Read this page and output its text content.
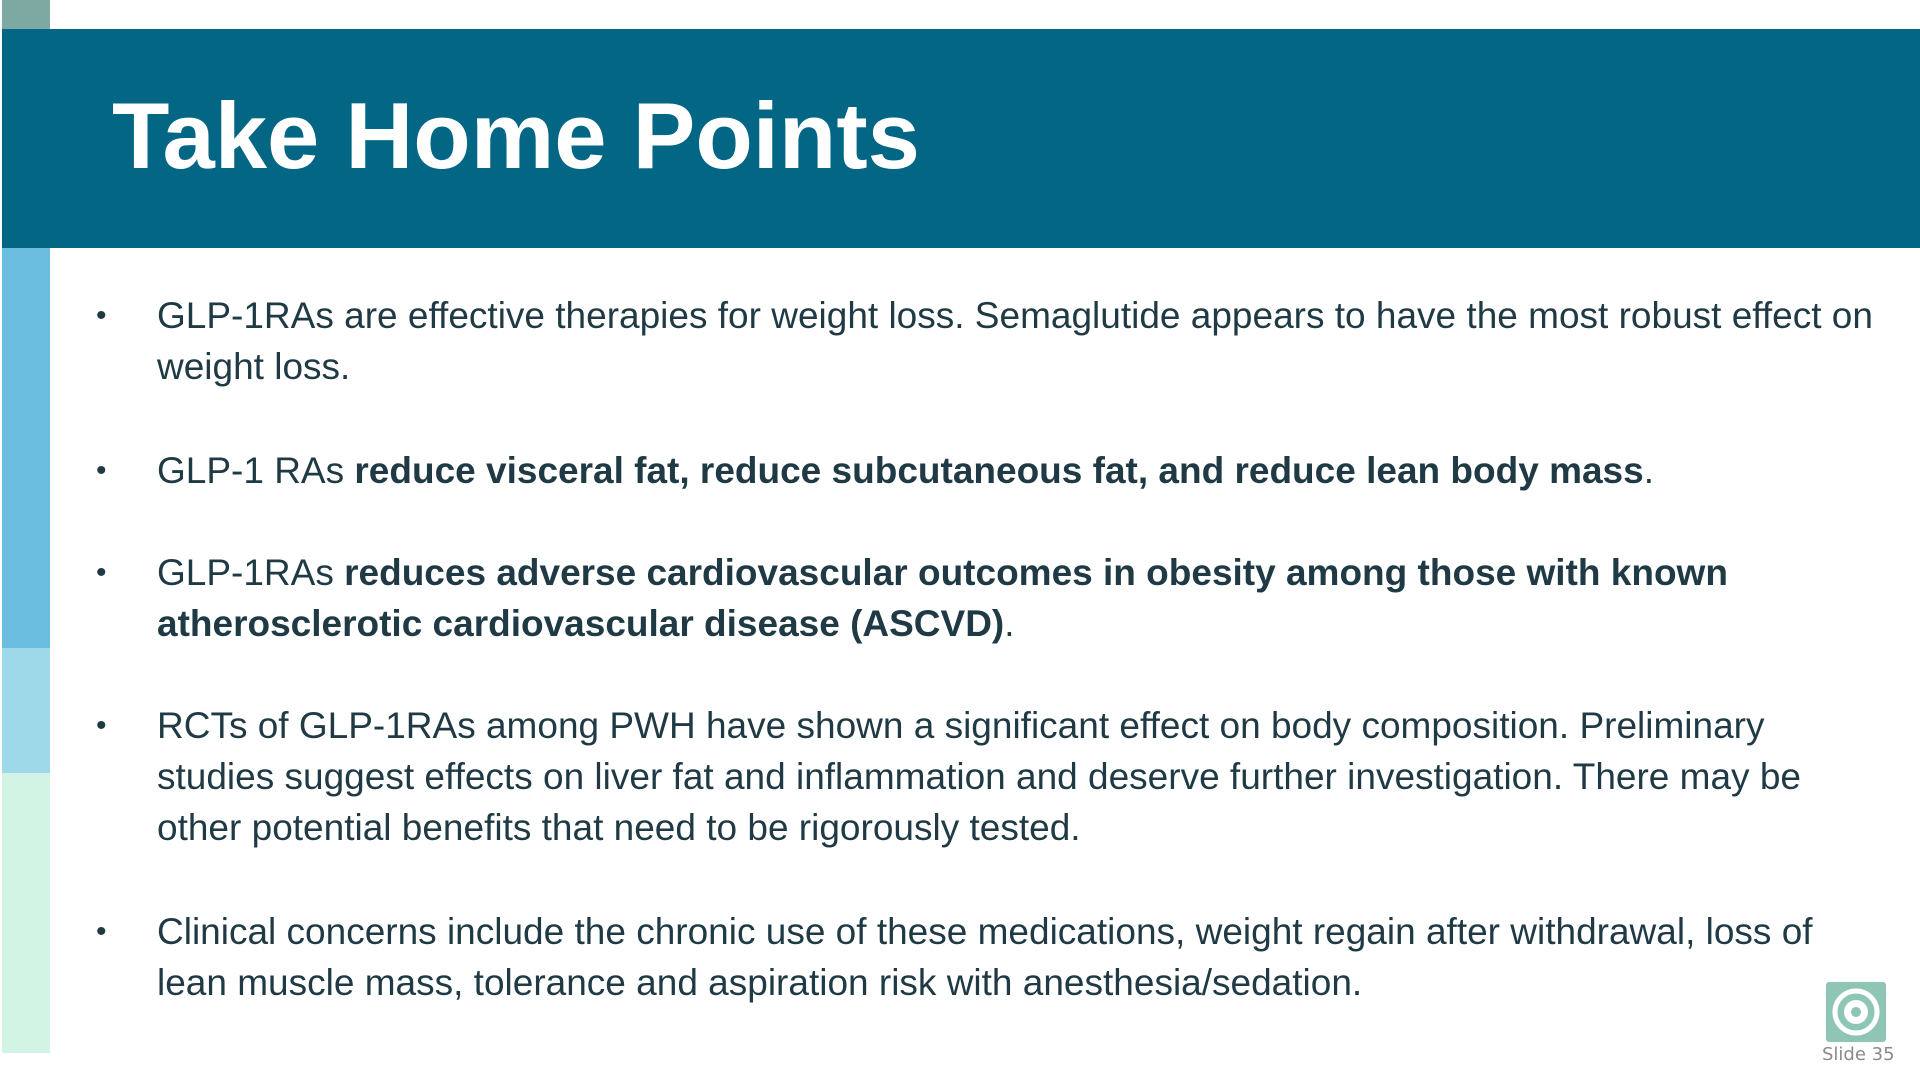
Take Home Points
•	GLP-1RAs are effective therapies for weight loss. Semaglutide appears to have the most robust effect on weight loss.
•	GLP-1 RAs reduce visceral fat, reduce subcutaneous fat, and reduce lean body mass.
•	GLP-1RAs reduces adverse cardiovascular outcomes in obesity among those with known atherosclerotic cardiovascular disease (ASCVD).
•	RCTs of GLP-1RAs among PWH have shown a significant effect on body composition. Preliminary studies suggest effects on liver fat and inflammation and deserve further investigation. There may be other potential benefits that need to be rigorously tested.
•	Clinical concerns include the chronic use of these medications, weight regain after withdrawal, loss of lean muscle mass, tolerance and aspiration risk with anesthesia/sedation.
Slide 35
